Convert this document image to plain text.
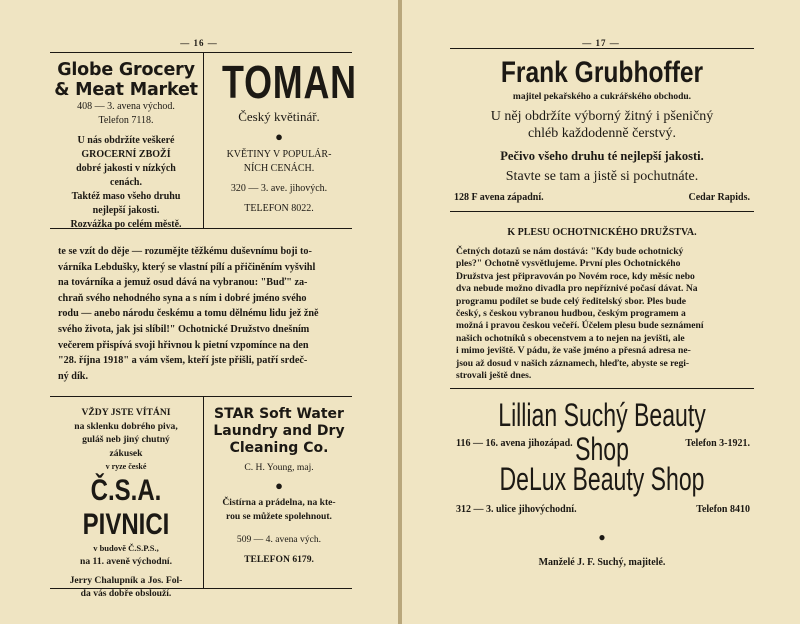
— 16 —
Globe Grocery
& Meat Market
408 — 3. avena východ.
Telefon 7118.
U nás obdržíte veškeré
GROCERNÍ ZBOŽÍ
dobré jakosti v nízkých
cenách.
Taktéž maso všeho druhu
nejlepší jakosti.
Rozvážka po celém městě.
TOMAN
Český květinář.
●
KVĚTINY V POPULÁR-
NÍCH CENÁCH.
320 — 3. ave. jihových.
TELEFON 8022.
te se vzít do děje — rozumějte těžkému duševnímu boji to-
várníka Lebdušky, který se vlastní pílí a přičiněním vyšvihl
na továrníka a jemuž osud dává na vybranou: "Buď" za-
chraň svého nehodného syna a s ním i dobré jméno svého
rodu — anebo národu českému a tomu dělnému lidu jež žně
svého života, jak jsi slíbil!" Ochotnické Družstvo dnešním
večerem přispívá svoji hřivnou k pietní vzpomínce na den
"28. října 1918" a vám všem, kteří jste přišli, patří srdeč-
ný dík.
VŽDY JSTE VÍTÁNI
na sklenku dobrého piva,
guláš neb jiný chutný
zákusek
v ryze české
Č.S.A. PIVNICI
v budově Č.S.P.S.,
na 11. aveně východní.
Jerry Chalupník a Jos. Fol-
da vás dobře obslouží.
STAR Soft Water
Laundry and Dry
Cleaning Co.
C. H. Young, maj.
●
Čistírna a prádelna, na kte-
rou se můžete spolehnout.
509 — 4. avena vých.
TELEFON 6179.
— 17 —
Frank Grubhoffer
majitel pekařského a cukrářského obchodu.
U něj obdržíte výborný žitný i pšeničný
chléb každodenně čerstvý.
Pečivo všeho druhu té nejlepší jakosti.
Stavte se tam a jistě si pochutnáte.
128 F avena západní.	Cedar Rapids.
K PLESU OCHOTNICKÉHO DRUŽSTVA.
Četných dotazů se nám dostává: "Kdy bude ochotnický
ples?" Ochotně vysvětlujeme. První ples Ochotnického
Družstva jest připravován po Novém roce, kdy měsíc nebo
dva nebude možno divadla pro nepříznivé počasí dávat. Na
programu podílet se bude celý ředitelský sbor. Ples bude
český, s českou vybranou hudbou, českým programem a
možná i pravou českou večeří. Účelem plesu bude seznámení
našich ochotníků s obecenstvem a to nejen na jevišti, ale
i mimo jeviště. V pádu, že vaše jméno a přesná adresa ne-
jsou až dosud v našich záznamech, hleďte, abyste se regi-
strovali ještě dnes.
Lillian Suchý Beauty Shop
116 — 16. avena jihozápad.	Telefon 3-1921.
DeLux Beauty Shop
312 — 3. ulice jihovýchodní.	Telefon 8410
●
Manželé J. F. Suchý, majitelé.
